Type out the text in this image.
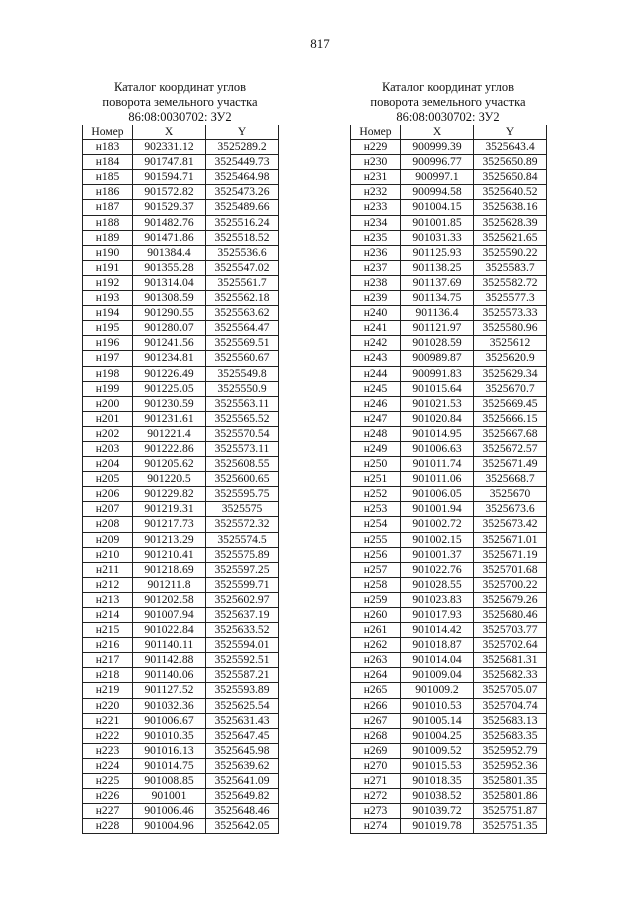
817
Каталог координат углов
поворота земельного участка
86:08:0030702: ЗУ2
Номер	X	Y
н183	902331.12	3525289.2
н184	901747.81	3525449.73
н185	901594.71	3525464.98
н186	901572.82	3525473.26
н187	901529.37	3525489.66
н188	901482.76	3525516.24
н189	901471.86	3525518.52
н190	901384.4	3525536.6
н191	901355.28	3525547.02
н192	901314.04	3525561.7
н193	901308.59	3525562.18
н194	901290.55	3525563.62
н195	901280.07	3525564.47
н196	901241.56	3525569.51
н197	901234.81	3525560.67
н198	901226.49	3525549.8
н199	901225.05	3525550.9
н200	901230.59	3525563.11
н201	901231.61	3525565.52
н202	901221.4	3525570.54
н203	901222.86	3525573.11
н204	901205.62	3525608.55
н205	901220.5	3525600.65
н206	901229.82	3525595.75
н207	901219.31	3525575
н208	901217.73	3525572.32
н209	901213.29	3525574.5
н210	901210.41	3525575.89
н211	901218.69	3525597.25
н212	901211.8	3525599.71
н213	901202.58	3525602.97
н214	901007.94	3525637.19
н215	901022.84	3525633.52
н216	901140.11	3525594.01
н217	901142.88	3525592.51
н218	901140.06	3525587.21
н219	901127.52	3525593.89
н220	901032.36	3525625.54
н221	901006.67	3525631.43
н222	901010.35	3525647.45
н223	901016.13	3525645.98
н224	901014.75	3525639.62
н225	901008.85	3525641.09
н226	901001	3525649.82
н227	901006.46	3525648.46
н228	901004.96	3525642.05
Каталог координат углов
поворота земельного участка
86:08:0030702: ЗУ2
Номер	X	Y
н229	900999.39	3525643.4
н230	900996.77	3525650.89
н231	900997.1	3525650.84
н232	900994.58	3525640.52
н233	901004.15	3525638.16
н234	901001.85	3525628.39
н235	901031.33	3525621.65
н236	901125.93	3525590.22
н237	901138.25	3525583.7
н238	901137.69	3525582.72
н239	901134.75	3525577.3
н240	901136.4	3525573.33
н241	901121.97	3525580.96
н242	901028.59	3525612
н243	900989.87	3525620.9
н244	900991.83	3525629.34
н245	901015.64	3525670.7
н246	901021.53	3525669.45
н247	901020.84	3525666.15
н248	901014.95	3525667.68
н249	901006.63	3525672.57
н250	901011.74	3525671.49
н251	901011.06	3525668.7
н252	901006.05	3525670
н253	901001.94	3525673.6
н254	901002.72	3525673.42
н255	901002.15	3525671.01
н256	901001.37	3525671.19
н257	901022.76	3525701.68
н258	901028.55	3525700.22
н259	901023.83	3525679.26
н260	901017.93	3525680.46
н261	901014.42	3525703.77
н262	901018.87	3525702.64
н263	901014.04	3525681.31
н264	901009.04	3525682.33
н265	901009.2	3525705.07
н266	901010.53	3525704.74
н267	901005.14	3525683.13
н268	901004.25	3525683.35
н269	901009.52	3525952.79
н270	901015.53	3525952.36
н271	901018.35	3525801.35
н272	901038.52	3525801.86
н273	901039.72	3525751.87
н274	901019.78	3525751.35
